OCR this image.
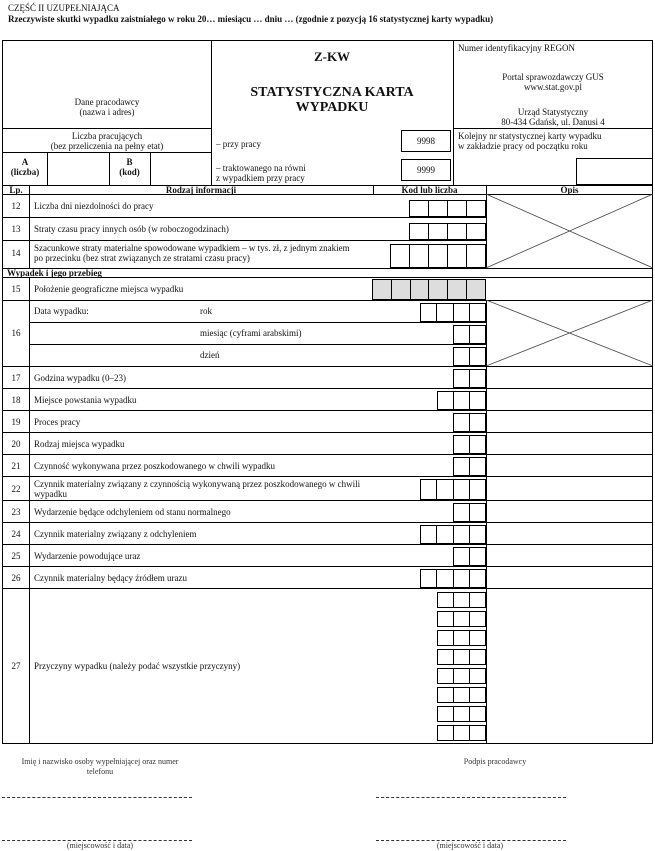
CZĘŚĆ II UZUPEŁNIAJĄCA
Rzeczywiste skutki wypadku zaistniałego w roku 20… miesiącu … dniu … (zgodnie z pozycją 16 statystycznej karty wypadku)
Dane pracodawcy
(nazwa i adres)
Liczba pracujących
(bez przeliczenia na pełny etat)
A
(liczba)
B
(kod)
Z-KW
STATYSTYCZNA KARTA
WYPADKU
– przy pracy
– traktowanego na równi
z wypadkiem przy pracy
9998
9999
Numer identyfikacyjny REGON
Portal sprawozdawczy GUS
www.stat.gov.pl
Urząd Statystyczny
80-434 Gdańsk, ul. Danusi 4
Kolejny nr statystycznej karty wypadku
w zakładzie pracy od początku roku
Lp.	Rodzaj informacji	Kod lub liczba	Opis
12	Liczba dni niezdolności do pracy
13	Straty czasu pracy innych osób (w roboczogodzinach)
14	Szacunkowe straty materialne spowodowane wypadkiem – w tys. zł, z jednym znakiem
po przecinku (bez strat związanych ze stratami czasu pracy)
Wypadek i jego przebieg
15	Położenie geograficzne miejsca wypadku
16
Data wypadku:	rok
miesiąc (cyframi arabskimi)
dzień
17	Godzina wypadku (0–23)
18	Miejsce powstania wypadku
19	Proces pracy
20	Rodzaj miejsca wypadku
21	Czynność wykonywana przez poszkodowanego w chwili wypadku
22	Czynnik materialny związany z czynnością wykonywaną przez poszkodowanego w chwili
wypadku
23	Wydarzenie będące odchyleniem od stanu normalnego
24	Czynnik materialny związany z odchyleniem
25	Wydarzenie powodujące uraz
26	Czynnik materialny będący źródłem urazu
27	Przyczyny wypadku (należy podać wszystkie przyczyny)
Imię i nazwisko osoby wypełniającej oraz numer
telefonu
Podpis pracodawcy
(miejscowość i data)	(miejscowość i data)
